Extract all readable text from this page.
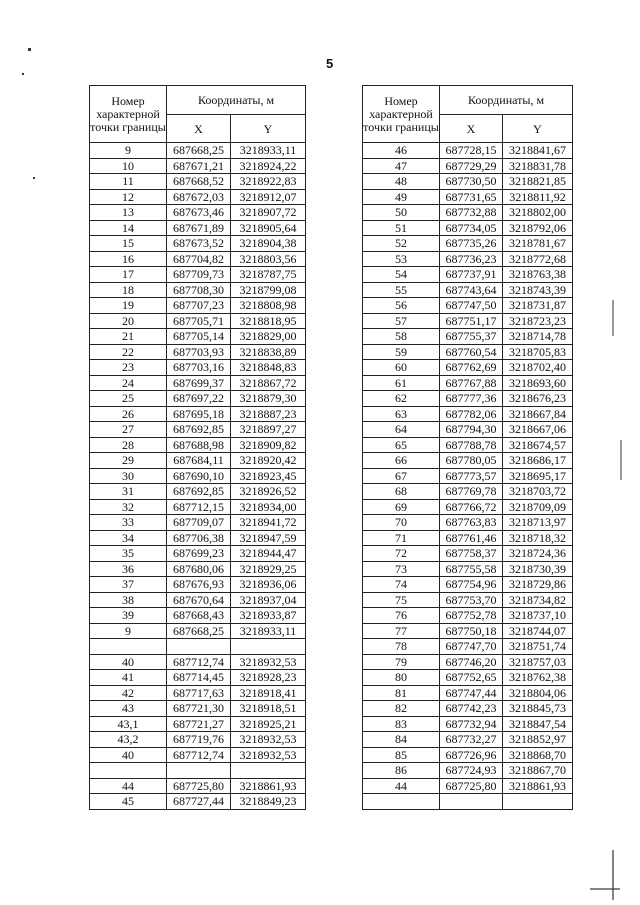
5
Номер характерной точки границы	Координаты, м	
	X	Y
9	687668,25	3218933,11
10	687671,21	3218924,22
11	687668,52	3218922,83
12	687672,03	3218912,07
13	687673,46	3218907,72
14	687671,89	3218905,64
15	687673,52	3218904,38
16	687704,82	3218803,56
17	687709,73	3218787,75
18	687708,30	3218799,08
19	687707,23	3218808,98
20	687705,71	3218818,95
21	687705,14	3218829,00
22	687703,93	3218838,89
23	687703,16	3218848,83
24	687699,37	3218867,72
25	687697,22	3218879,30
26	687695,18	3218887,23
27	687692,85	3218897,27
28	687688,98	3218909,82
29	687684,11	3218920,42
30	687690,10	3218923,45
31	687692,85	3218926,52
32	687712,15	3218934,00
33	687709,07	3218941,72
34	687706,38	3218947,59
35	687699,23	3218944,47
36	687680,06	3218929,25
37	687676,93	3218936,06
38	687670,64	3218937,04
39	687668,43	3218933,87
9	687668,25	3218933,11

40	687712,74	3218932,53
41	687714,45	3218928,23
42	687717,63	3218918,41
43	687721,30	3218918,51
43,1	687721,27	3218925,21
43,2	687719,76	3218932,53
40	687712,74	3218932,53

44	687725,80	3218861,93
45	687727,44	3218849,23
Номер характерной точки границы	Координаты, м	
	X	Y
46	687728,15	3218841,67
47	687729,29	3218831,78
48	687730,50	3218821,85
49	687731,65	3218811,92
50	687732,88	3218802,00
51	687734,05	3218792,06
52	687735,26	3218781,67
53	687736,23	3218772,68
54	687737,91	3218763,38
55	687743,64	3218743,39
56	687747,50	3218731,87
57	687751,17	3218723,23
58	687755,37	3218714,78
59	687760,54	3218705,83
60	687762,69	3218702,40
61	687767,88	3218693,60
62	687777,36	3218676,23
63	687782,06	3218667,84
64	687794,30	3218667,06
65	687788,78	3218674,57
66	687780,05	3218686,17
67	687773,57	3218695,17
68	687769,78	3218703,72
69	687766,72	3218709,09
70	687763,83	3218713,97
71	687761,46	3218718,32
72	687758,37	3218724,36
73	687755,58	3218730,39
74	687754,96	3218729,86
75	687753,70	3218734,82
76	687752,78	3218737,10
77	687750,18	3218744,07
78	687747,70	3218751,74
79	687746,20	3218757,03
80	687752,65	3218762,38
81	687747,44	3218804,06
82	687742,23	3218845,73
83	687732,94	3218847,54
84	687732,27	3218852,97
85	687726,96	3218868,70
86	687724,93	3218867,70
44	687725,80	3218861,93
